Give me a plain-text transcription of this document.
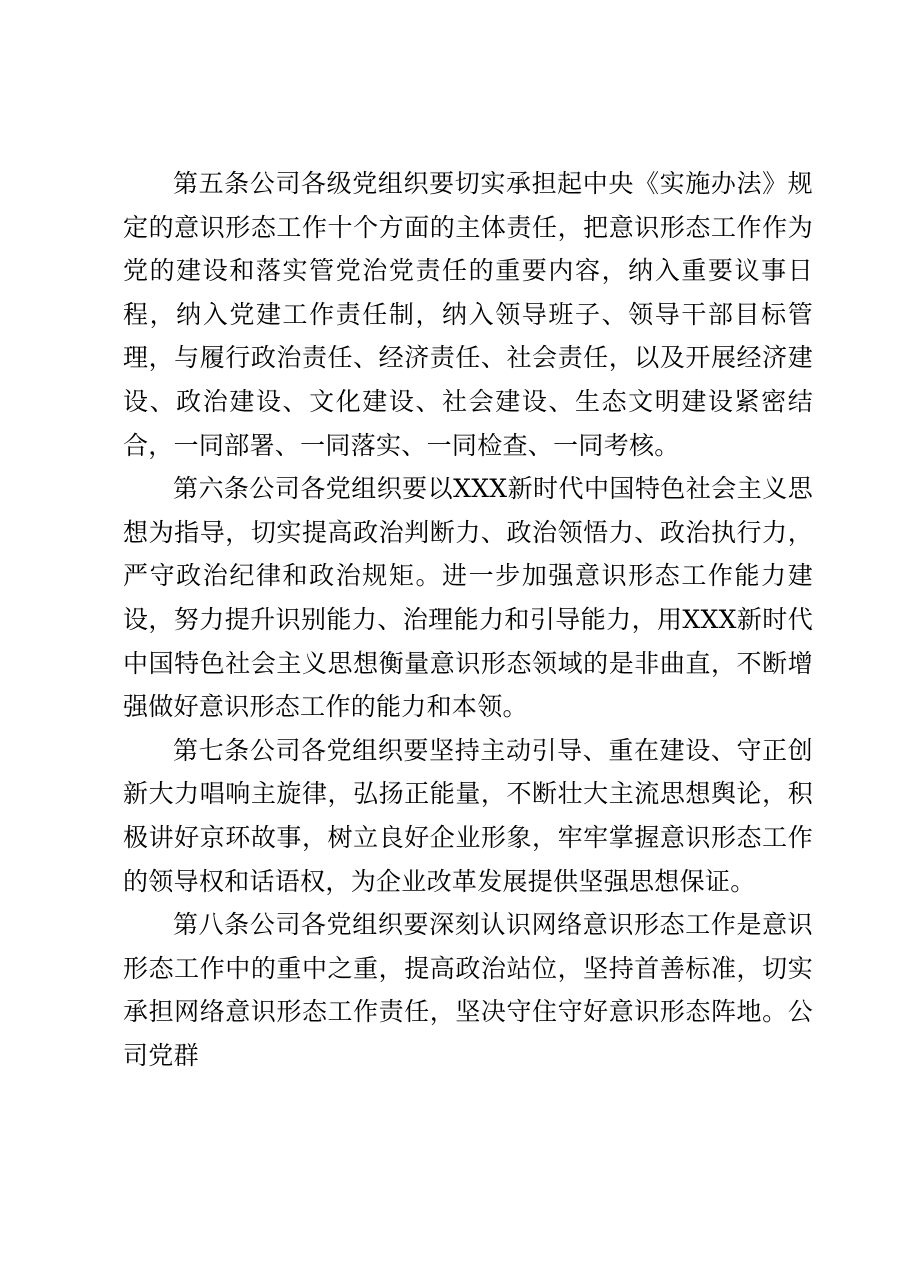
第五条公司各级党组织要切实承担起中央《实施办法》规定的意识形态工作十个方面的主体责任，把意识形态工作作为党的建设和落实管党治党责任的重要内容，纳入重要议事日程，纳入党建工作责任制，纳入领导班子、领导干部目标管理，与履行政治责任、经济责任、社会责任，以及开展经济建设、政治建设、文化建设、社会建设、生态文明建设紧密结合，一同部署、一同落实、一同检查、一同考核。

第六条公司各党组织要以XXX新时代中国特色社会主义思想为指导，切实提高政治判断力、政治领悟力、政治执行力，严守政治纪律和政治规矩。进一步加强意识形态工作能力建设，努力提升识别能力、治理能力和引导能力，用XXX新时代中国特色社会主义思想衡量意识形态领域的是非曲直，不断增强做好意识形态工作的能力和本领。

第七条公司各党组织要坚持主动引导、重在建设、守正创新大力唱响主旋律，弘扬正能量，不断壮大主流思想舆论，积极讲好京环故事，树立良好企业形象，牢牢掌握意识形态工作的领导权和话语权，为企业改革发展提供坚强思想保证。

第八条公司各党组织要深刻认识网络意识形态工作是意识形态工作中的重中之重，提高政治站位，坚持首善标准，切实承担网络意识形态工作责任，坚决守住守好意识形态阵地。公司党群
